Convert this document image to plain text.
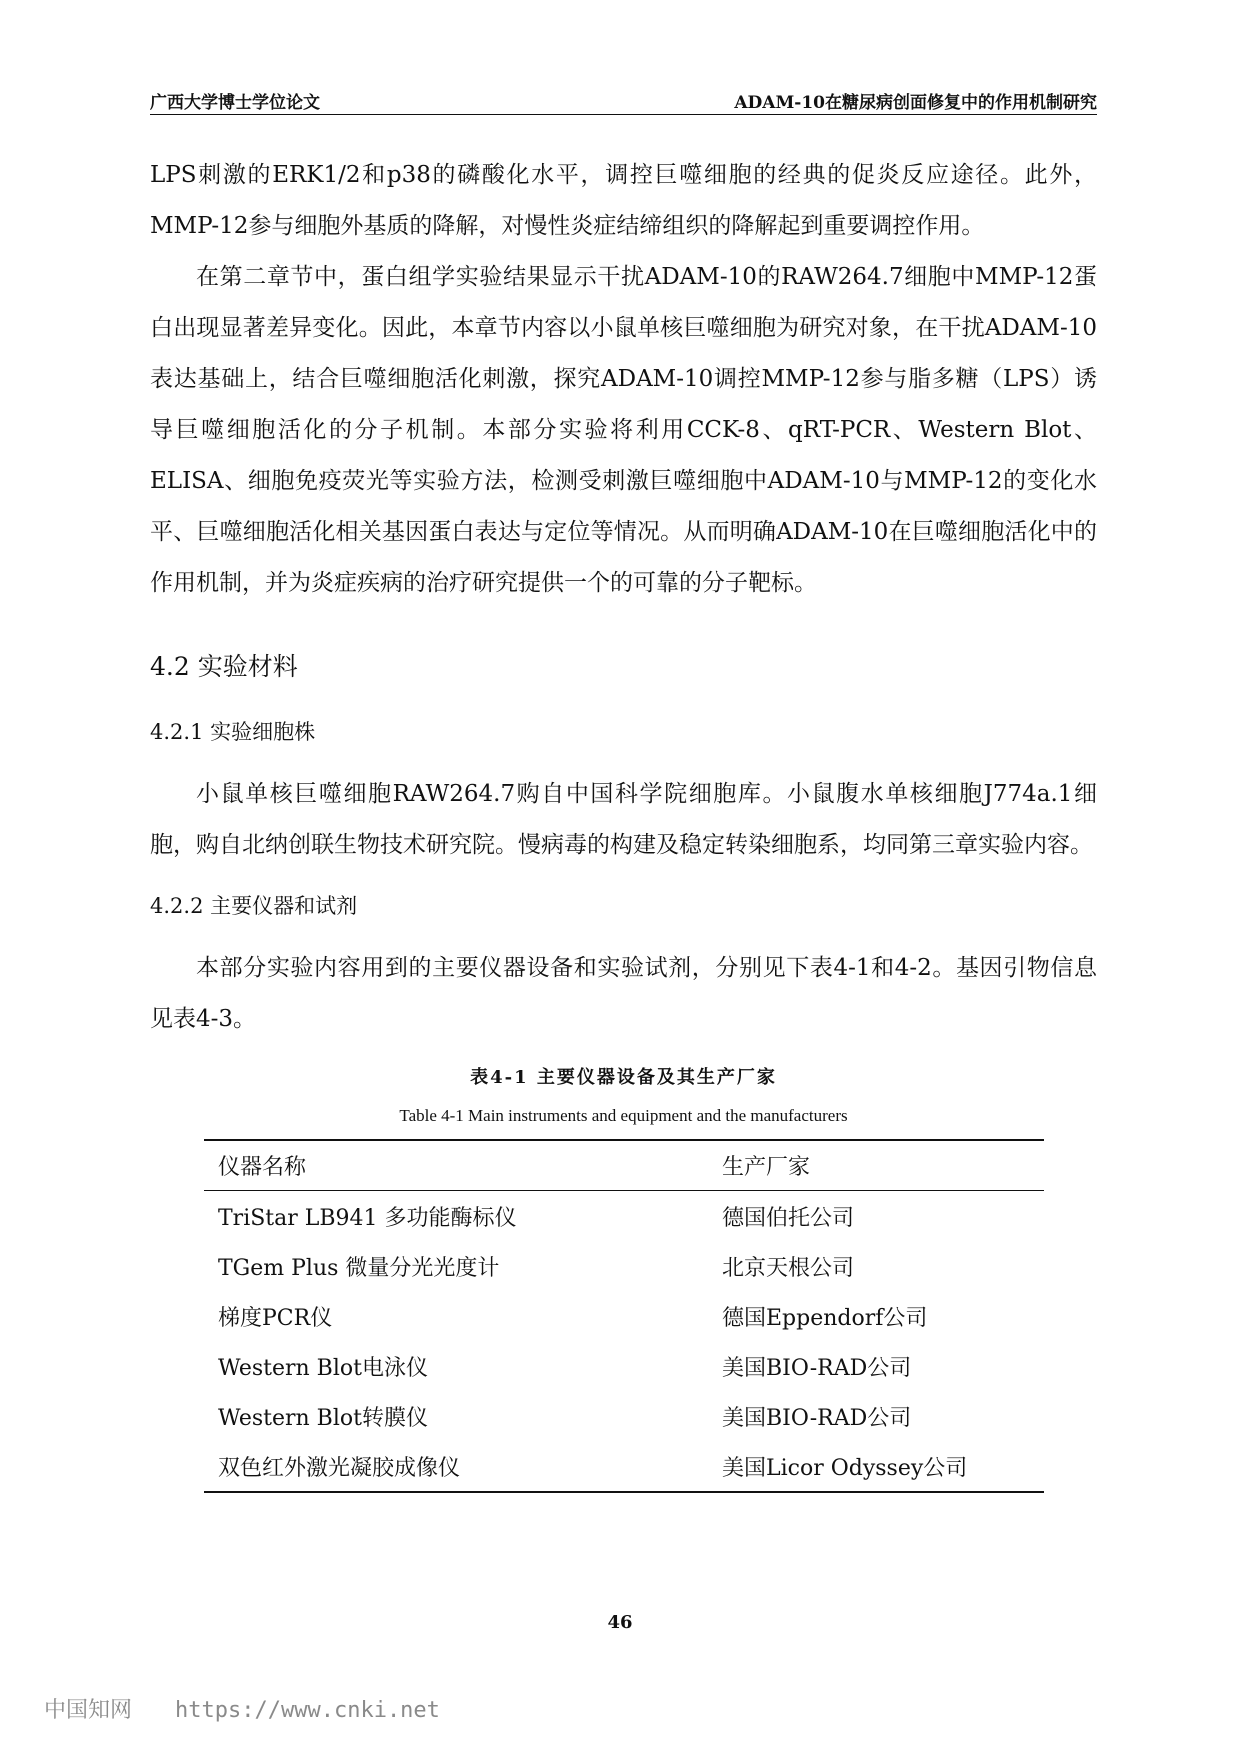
广西大学博士学位论文	ADAM-10在糖尿病创面修复中的作用机制研究

LPS刺激的ERK1/2和p38的磷酸化水平，调控巨噬细胞的经典的促炎反应途径。此外，MMP-12参与细胞外基质的降解，对慢性炎症结缔组织的降解起到重要调控作用。

在第二章节中，蛋白组学实验结果显示干扰ADAM-10的RAW264.7细胞中MMP-12蛋白出现显著差异变化。因此，本章节内容以小鼠单核巨噬细胞为研究对象，在干扰ADAM-10表达基础上，结合巨噬细胞活化刺激，探究ADAM-10调控MMP-12参与脂多糖（LPS）诱导巨噬细胞活化的分子机制。本部分实验将利用CCK-8、qRT-PCR、Western Blot、ELISA、细胞免疫荧光等实验方法，检测受刺激巨噬细胞中ADAM-10与MMP-12的变化水平、巨噬细胞活化相关基因蛋白表达与定位等情况。从而明确ADAM-10在巨噬细胞活化中的作用机制，并为炎症疾病的治疗研究提供一个的可靠的分子靶标。

4.2 实验材料
4.2.1 实验细胞株

小鼠单核巨噬细胞RAW264.7购自中国科学院细胞库。小鼠腹水单核细胞J774a.1细胞，购自北纳创联生物技术研究院。慢病毒的构建及稳定转染细胞系，均同第三章实验内容。

4.2.2 主要仪器和试剂

本部分实验内容用到的主要仪器设备和实验试剂，分别见下表4-1和4-2。基因引物信息见表4-3。

表4-1 主要仪器设备及其生产厂家
Table 4-1 Main instruments and equipment and the manufacturers
仪器名称	生产厂家
TriStar LB941 多功能酶标仪	德国伯托公司
TGem Plus 微量分光光度计	北京天根公司
梯度PCR仪	德国Eppendorf公司
Western Blot电泳仪	美国BIO-RAD公司
Western Blot转膜仪	美国BIO-RAD公司
双色红外激光凝胶成像仪	美国Licor Odyssey公司
46
中国知网 https://www.cnki.net
